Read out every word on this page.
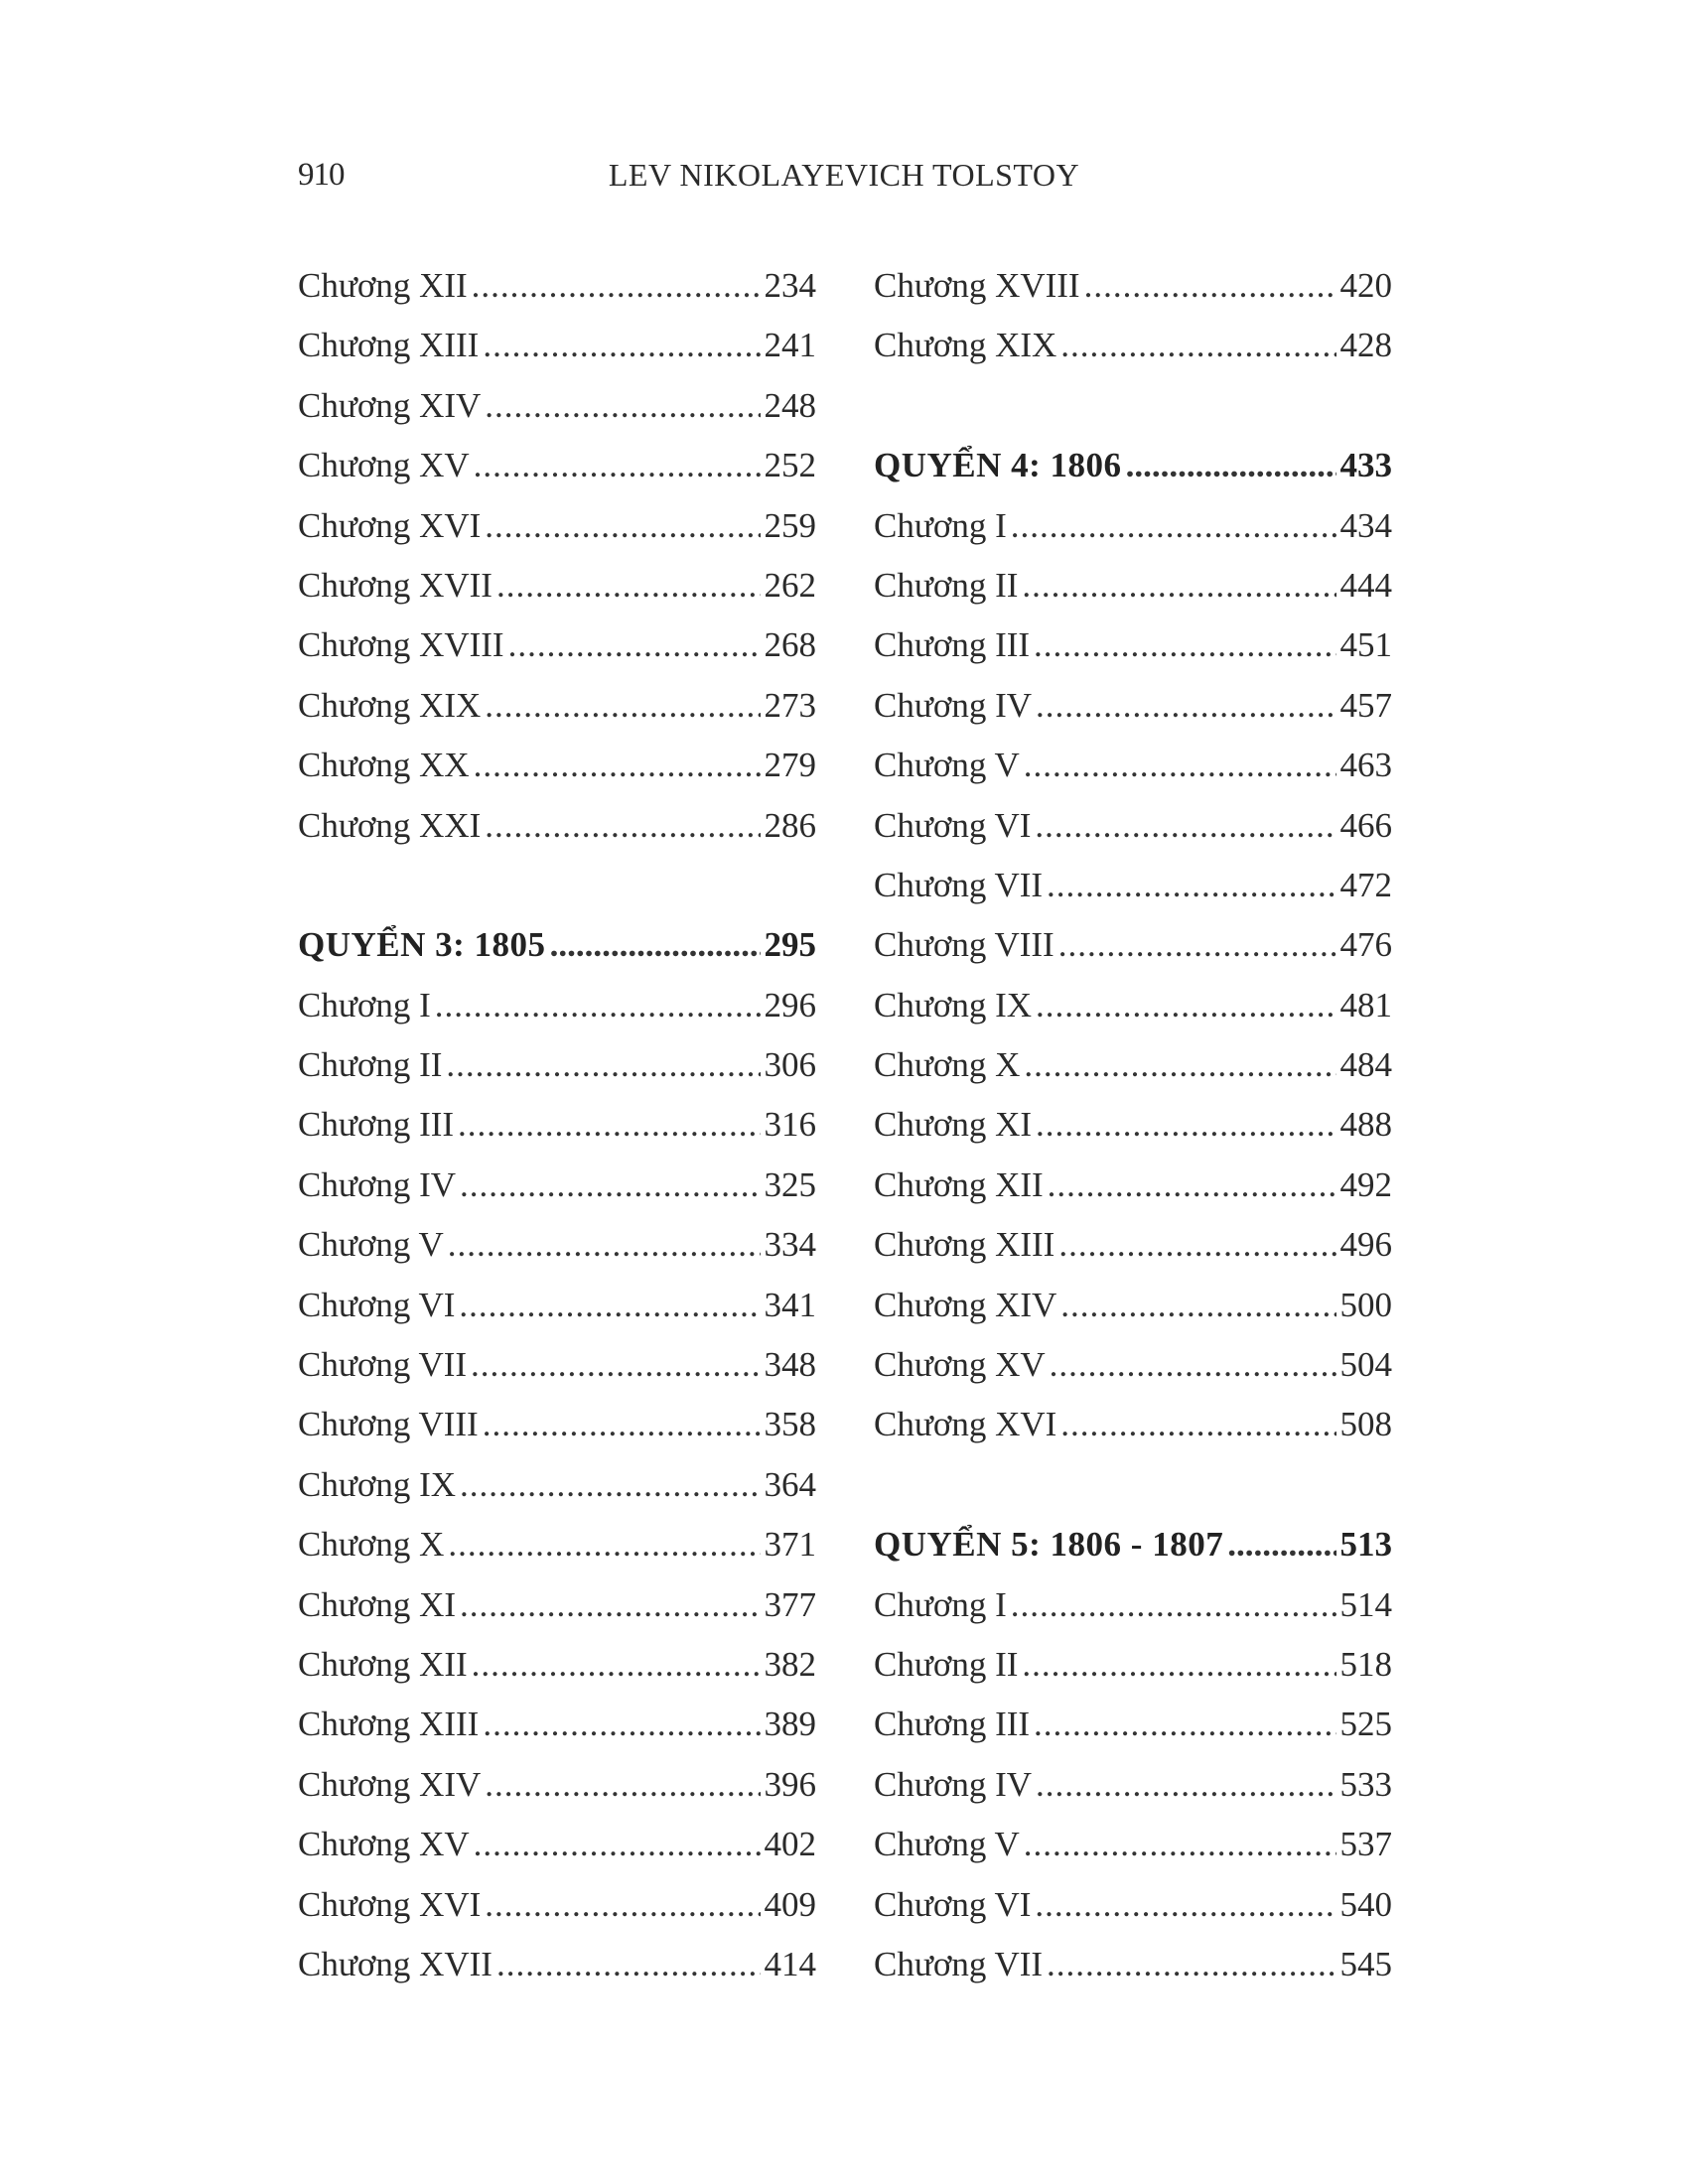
910	LEV NIKOLAYEVICH TOLSTOY
Chương XII .....	234
Chương XIII .....	241
Chương XIV .....	248
Chương XV .....	252
Chương XVI .....	259
Chương XVII .....	262
Chương XVIII .....	268
Chương XIX .....	273
Chương XX .....	279
Chương XXI .....	286
QUYỂN 3: 1805 .....	295
Chương I .....	296
Chương II .....	306
Chương III .....	316
Chương IV .....	325
Chương V .....	334
Chương VI .....	341
Chương VII .....	348
Chương VIII .....	358
Chương IX .....	364
Chương X .....	371
Chương XI .....	377
Chương XII .....	382
Chương XIII .....	389
Chương XIV .....	396
Chương XV .....	402
Chương XVI .....	409
Chương XVII .....	414
Chương XVIII .....	420
Chương XIX .....	428
QUYỂN 4: 1806 .....	433
Chương I .....	434
Chương II .....	444
Chương III .....	451
Chương IV .....	457
Chương V .....	463
Chương VI .....	466
Chương VII .....	472
Chương VIII .....	476
Chương IX .....	481
Chương X .....	484
Chương XI .....	488
Chương XII .....	492
Chương XIII .....	496
Chương XIV .....	500
Chương XV .....	504
Chương XVI .....	508
QUYỂN 5: 1806 - 1807 .....	513
Chương I .....	514
Chương II .....	518
Chương III .....	525
Chương IV .....	533
Chương V .....	537
Chương VI .....	540
Chương VII .....	545
